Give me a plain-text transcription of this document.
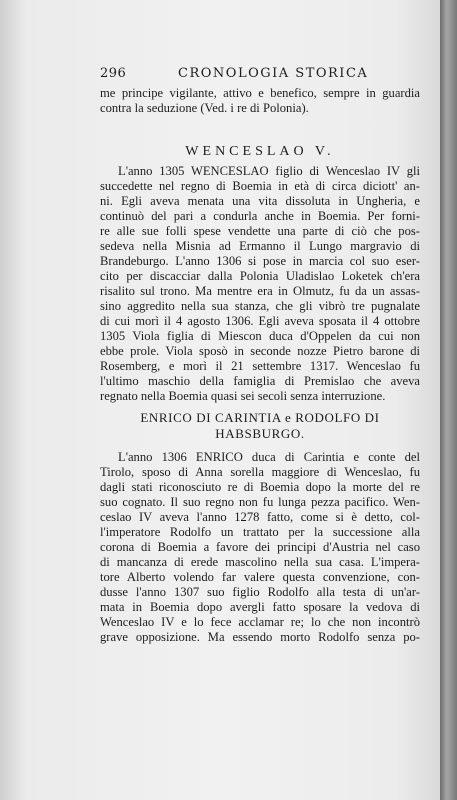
296	CRONOLOGIA STORICA
me principe vigilante, attivo e benefico, sempre in guardia
contra la seduzione (Ved. i re di Polonia).
WENCESLAO V.
L'anno 1305 WENCESLAO figlio di Wenceslao IV gli
succedette nel regno di Boemia in età di circa diciott' an-
ni. Egli aveva menata una vita dissoluta in Ungheria, e
continuò del pari a condurla anche in Boemia. Per forni-
re alle sue folli spese vendette una parte di ciò che pos-
sedeva nella Misnia ad Ermanno il Lungo margravio di
Brandeburgo. L'anno 1306 si pose in marcia col suo eser-
cito per discacciar dalla Polonia Uladislao Loketek ch'era
risalito sul trono. Ma mentre era in Olmutz, fu da un assas-
sino aggredito nella sua stanza, che gli vibrò tre pugnalate
di cui morì il 4 agosto 1306. Egli aveva sposata il 4 ottobre
1305 Viola figlia di Miescon duca d'Oppelen da cui non
ebbe prole. Viola sposò in seconde nozze Pietro barone di
Rosemberg, e morì il 21 settembre 1317. Wenceslao fu
l'ultimo maschio della famiglia di Premislao che aveva
regnato nella Boemia quasi sei secoli senza interruzione.
ENRICO DI CARINTIA e RODOLFO DI HABSBURGO.
L'anno 1306 ENRICO duca di Carintia e conte del
Tirolo, sposo di Anna sorella maggiore di Wenceslao, fu
dagli stati riconosciuto re di Boemia dopo la morte del re
suo cognato. Il suo regno non fu lunga pezza pacifico. Wen-
ceslao IV aveva l'anno 1278 fatto, come si è detto, col-
l'imperatore Rodolfo un trattato per la successione alla
corona di Boemia a favore dei principi d'Austria nel caso
di mancanza di erede mascolino nella sua casa. L'impera-
tore Alberto volendo far valere questa convenzione, con-
dusse l'anno 1307 suo figlio Rodolfo alla testa di un'ar-
mata in Boemia dopo avergli fatto sposare la vedova di
Wenceslao IV e lo fece acclamar re; lo che non incontrò
grave opposizione. Ma essendo morto Rodolfo senza po-
